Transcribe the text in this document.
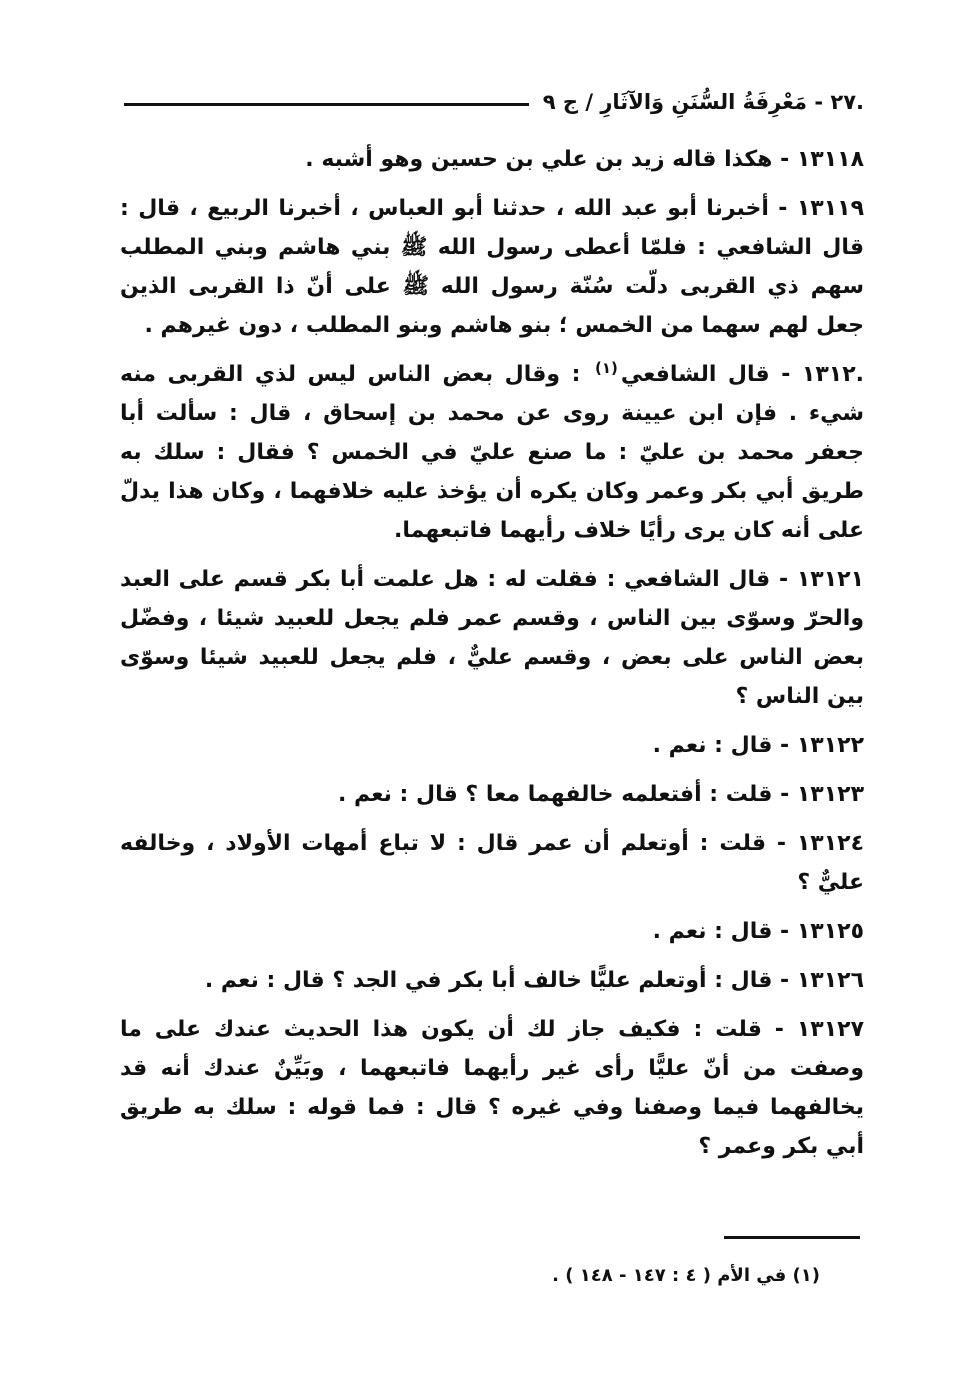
.٢٧ - مَعْرِفَةُ السُّنَنِ وَالآثَارِ / ج ٩

١٣١١٨ - هكذا قاله زيد بن علي بن حسين وهو أشبه .

١٣١١٩ - أخبرنا أبو عبد الله ، حدثنا أبو العباس ، أخبرنا الربيع ، قال : قال الشافعي : فلمّا أعطى رسول الله ﷺ بني هاشم وبني المطلب سهم ذي القربى دلّت سُنّة رسول الله ﷺ على أنّ ذا القربى الذين جعل لهم سهما من الخمس ؛ بنو هاشم وبنو المطلب ، دون غيرهم .

.١٣١٢ - قال الشافعي$^{(١)}$ : وقال بعض الناس ليس لذي القربى منه شيء . فإن ابن عيينة روى عن محمد بن إسحاق ، قال : سألت أبا جعفر محمد بن عليّ : ما صنع عليّ في الخمس ؟ فقال : سلك به طريق أبي بكر وعمر وكان يكره أن يؤخذ عليه خلافهما ، وكان هذا يدلّ على أنه كان يرى رأيًا خلاف رأيهما فاتبعهما.

١٣١٢١ - قال الشافعي : فقلت له : هل علمت أبا بكر قسم على العبد والحرّ وسوّى بين الناس ، وقسم عمر فلم يجعل للعبيد شيئا ، وفضّل بعض الناس على بعض ، وقسم عليٌّ ، فلم يجعل للعبيد شيئا وسوّى بين الناس ؟

١٣١٢٢ - قال : نعم .

١٣١٢٣ - قلت : أفتعلمه خالفهما معا ؟ قال : نعم .

١٣١٢٤ - قلت : أوتعلم أن عمر قال : لا تباع أمهات الأولاد ، وخالفه عليٌّ ؟

١٣١٢٥ - قال : نعم .

١٣١٢٦ - قال : أوتعلم عليًّا خالف أبا بكر في الجد ؟ قال : نعم .

١٣١٢٧ - قلت : فكيف جاز لك أن يكون هذا الحديث عندك على ما وصفت من أنّ عليًّا رأى غير رأيهما فاتبعهما ، وبَيِّنٌ عندك أنه قد يخالفهما فيما وصفنا وفي غيره ؟ قال : فما قوله : سلك به طريق أبي بكر وعمر ؟

(١) في الأم ( ٤ : ١٤٧ - ١٤٨ ) .
